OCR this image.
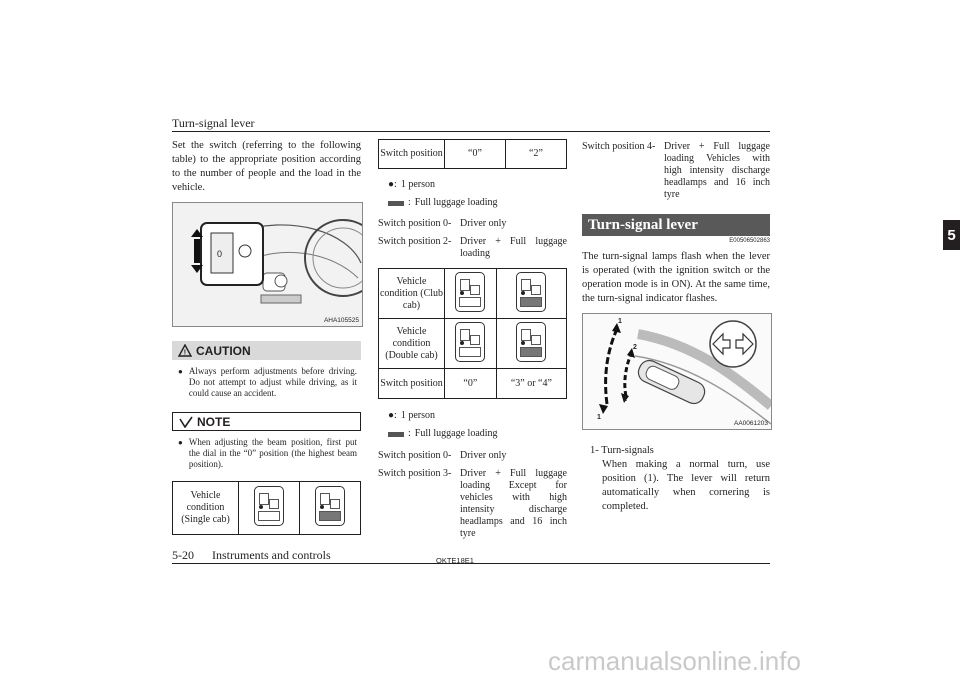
Turn-signal lever
5
Set the switch (referring to the following table) to the appropriate position according to the number of people and the load in the vehicle.
0
AHA105525
! CAUTION
● Always perform adjustments before driving. Do not attempt to adjust while driving, as it could cause an accident.
NOTE
● When adjusting the beam position, first put the dial in the “0” position (the highest beam position).
Vehicle condition (Single cab)	

Switch position	“0”	“2”
●: 1 person
: Full luggage loading
Switch position 0- Driver only
Switch position 2- Driver + Full luggage loading
Vehicle condition (Club cab)	

Vehicle condition (Double cab)	

Switch position	“0”	“3” or “4”
●: 1 person
: Full luggage loading
Switch position 0- Driver only
Switch position 3- Driver + Full luggage loading Except for vehicles with high intensity discharge headlamps and 16 inch tyre
Switch position 4- Driver + Full luggage loading Vehicles with high intensity discharge headlamps and 16 inch tyre
Turn-signal lever
E00506502863
The turn-signal lamps flash when the lever is operated (with the ignition switch or the operation mode is in ON). At the same time, the turn-signal indicator flashes.
1
2
2
1
AA0061203
1- Turn-signals
When making a normal turn, use position (1). The lever will return automatically when cornering is completed.
5-20 Instruments and controls	OKTE18E1
carmanualsonline.info
